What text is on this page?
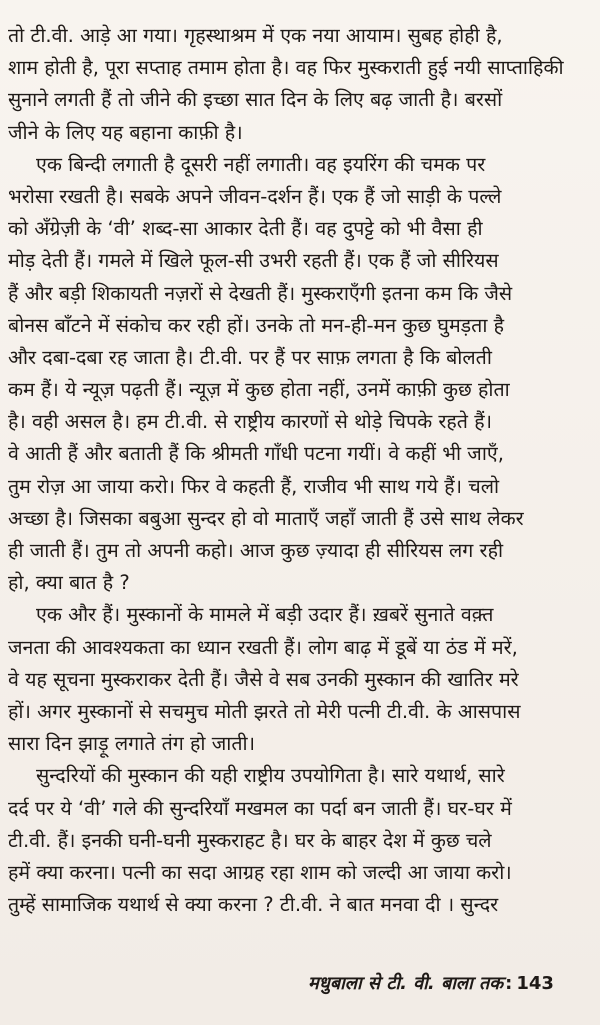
तो टी.वी. आड़े आ गया। गृहस्थाश्रम में एक नया आयाम। सुबह होही है,
शाम होती है, पूरा सप्ताह तमाम होता है। वह फिर मुस्कराती हुई नयी साप्ताहिकी
सुनाने लगती हैं तो जीने की इच्छा सात दिन के लिए बढ़ जाती है। बरसों
जीने के लिए यह बहाना काफ़ी है।
एक बिन्दी लगाती है दूसरी नहीं लगाती। वह इयरिंग की चमक पर
भरोसा रखती है। सबके अपने जीवन-दर्शन हैं। एक हैं जो साड़ी के पल्ले
को अँग्रेज़ी के ‘वी’ शब्द-सा आकार देती हैं। वह दुपट्टे को भी वैसा ही
मोड़ देती हैं। गमले में खिले फूल-सी उभरी रहती हैं। एक हैं जो सीरियस
हैं और बड़ी शिकायती नज़रों से देखती हैं। मुस्कराएँगी इतना कम कि जैसे
बोनस बाँटने में संकोच कर रही हों। उनके तो मन-ही-मन कुछ घुमड़ता है
और दबा-दबा रह जाता है। टी.वी. पर हैं पर साफ़ लगता है कि बोलती
कम हैं। ये न्यूज़ पढ़ती हैं। न्यूज़ में कुछ होता नहीं, उनमें काफ़ी कुछ होता
है। वही असल है। हम टी.वी. से राष्ट्रीय कारणों से थोड़े चिपके रहते हैं।
वे आती हैं और बताती हैं कि श्रीमती गाँधी पटना गयीं। वे कहीं भी जाएँ,
तुम रोज़ आ जाया करो। फिर वे कहती हैं, राजीव भी साथ गये हैं। चलो
अच्छा है। जिसका बबुआ सुन्दर हो वो माताएँ जहाँ जाती हैं उसे साथ लेकर
ही जाती हैं। तुम तो अपनी कहो। आज कुछ ज़्यादा ही सीरियस लग रही
हो, क्या बात है ?
एक और हैं। मुस्कानों के मामले में बड़ी उदार हैं। ख़बरें सुनाते वक़्त
जनता की आवश्यकता का ध्यान रखती हैं। लोग बाढ़ में डूबें या ठंड में मरें,
वे यह सूचना मुस्कराकर देती हैं। जैसे वे सब उनकी मुस्कान की खातिर मरे
हों। अगर मुस्कानों से सचमुच मोती झरते तो मेरी पत्नी टी.वी. के आसपास
सारा दिन झाड़ू लगाते तंग हो जाती।
सुन्दरियों की मुस्कान की यही राष्ट्रीय उपयोगिता है। सारे यथार्थ, सारे
दर्द पर ये ‘वी’ गले की सुन्दरियाँ मखमल का पर्दा बन जाती हैं। घर-घर में
टी.वी. हैं। इनकी घनी-घनी मुस्कराहट है। घर के बाहर देश में कुछ चले
हमें क्या करना। पत्नी का सदा आग्रह रहा शाम को जल्दी आ जाया करो।
तुम्हें सामाजिक यथार्थ से क्या करना ? टी.वी. ने बात मनवा दी । सुन्दर
मधुबाला से टी. वी. बाला तक : 143
